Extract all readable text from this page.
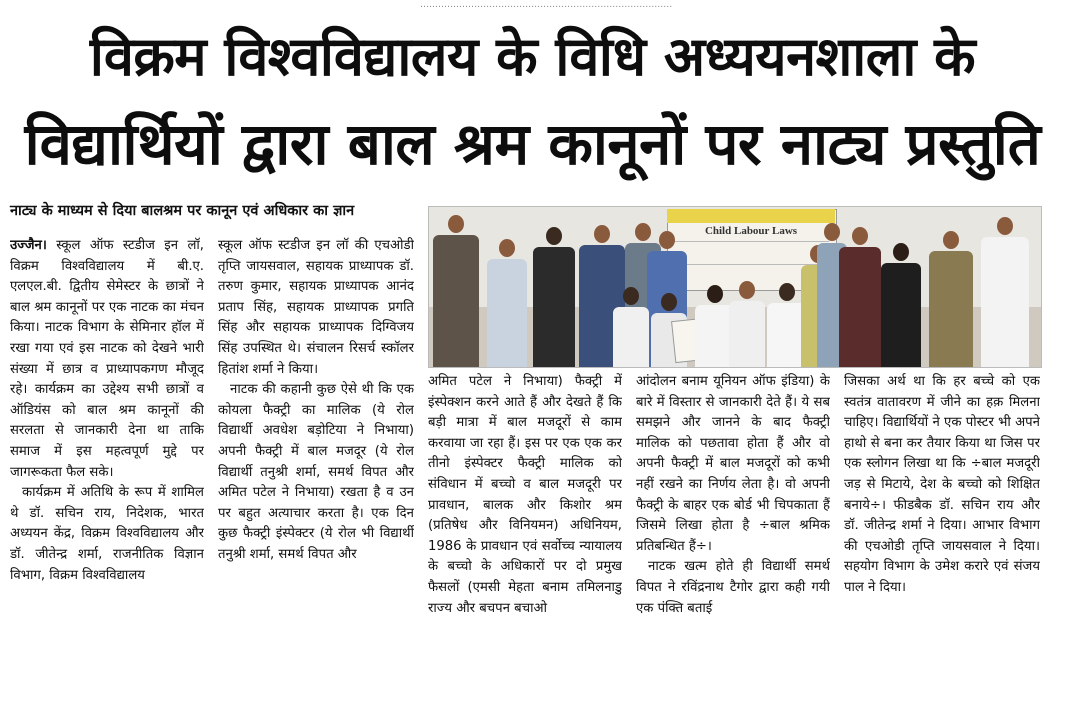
‥‥‥‥‥‥‥‥‥‥‥‥‥‥‥‥‥‥‥‥‥‥‥‥‥‥‥‥‥‥‥‥‥‥‥‥‥‥‥‥‥‥
विक्रम विश्वविद्यालय के विधि अध्ययनशाला के
विद्यार्थियों द्वारा बाल श्रम कानूनों पर नाट्य प्रस्तुति
नाट्य के माध्यम से दिया बालश्रम पर कानून एवं अधिकार का ज्ञान

उज्जैन। स्कूल ऑफ स्टडीज इन लॉ, विक्रम विश्वविद्यालय में बी.ए. एलएल.बी. द्वितीय सेमेस्टर के छात्रों ने बाल श्रम कानूनों पर एक नाटक का मंचन किया। नाटक विभाग के सेमिनार हॉल में रखा गया एवं इस नाटक को देखने भारी संख्या में छात्र व प्राध्यापकगण मौजूद रहे। कार्यक्रम का उद्देश्य सभी छात्रों व ऑडियंस को बाल श्रम कानूनों की सरलता से जानकारी देना था ताकि समाज में इस महत्वपूर्ण मुद्दे पर जागरूकता फैल सके।

कार्यक्रम में अतिथि के रूप में शामिल थे डॉ. सचिन राय, निदेशक, भारत अध्ययन केंद्र, विक्रम विश्वविद्यालय और डॉ. जीतेन्द्र शर्मा, राजनीतिक विज्ञान विभाग, विक्रम विश्वविद्यालय

स्कूल ऑफ स्टडीज इन लॉ की एचओडी तृप्ति जायसवाल, सहायक प्राध्यापक डॉ. तरुण कुमार, सहायक प्राध्यापक आनंद प्रताप सिंह, सहायक प्राध्यापक प्रगति सिंह और सहायक प्राध्यापक दिग्विजय सिंह उपस्थित थे। संचालन रिसर्च स्कॉलर हितांश शर्मा ने किया।

नाटक की कहानी कुछ ऐसे थी कि एक कोयला फैक्ट्री का मालिक (ये रोल विद्यार्थी अवधेश बड़ोटिया ने निभाया) अपनी फैक्ट्री में बाल मजदूर (ये रोल विद्यार्थी तनुश्री शर्मा, समर्थ विपत और अमित पटेल ने निभाया) रखता है व उन पर बहुत अत्याचार करता है। एक दिन कुछ फैक्ट्री इंस्पेक्टर (ये रोल भी विद्यार्थी तनुश्री शर्मा, समर्थ विपत और

Child Labour Laws

अमित पटेल ने निभाया) फैक्ट्री में इंस्पेक्शन करने आते हैं और देखते हैं कि बड़ी मात्रा में बाल मजदूरों से काम करवाया जा रहा हैं। इस पर एक एक कर तीनो इंस्पेक्टर फैक्ट्री मालिक को संविधान में बच्चो व बाल मजदूरी पर प्रावधान, बालक और किशोर श्रम (प्रतिषेध और विनियमन) अधिनियम, 1986 के प्रावधान एवं सर्वोच्च न्यायालय के बच्चो के अधिकारों पर दो प्रमुख फैसलों (एमसी मेहता बनाम तमिलनाडु राज्य और बचपन बचाओ

आंदोलन बनाम यूनियन ऑफ इंडिया) के बारे में विस्तार से जानकारी देते हैं। ये सब समझने और जानने के बाद फैक्ट्री मालिक को पछतावा होता हैं और वो अपनी फैक्ट्री में बाल मजदूरों को कभी नहीं रखने का निर्णय लेता है। वो अपनी फैक्ट्री के बाहर एक बोर्ड भी चिपकाता हैं जिसमे लिखा होता है ÷बाल श्रमिक प्रतिबन्धित हैं÷।

नाटक खत्म होते ही विद्यार्थी समर्थ विपत ने रविंद्रनाथ टैगोर द्वारा कही गयी एक पंक्ति बताई

जिसका अर्थ था कि हर बच्चे को एक स्वतंत्र वातावरण में जीने का हक़ मिलना चाहिए। विद्यार्थियों ने एक पोस्टर भी अपने हाथो से बना कर तैयार किया था जिस पर एक स्लोगन लिखा था कि ÷बाल मजदूरी जड़ से मिटाये, देश के बच्चो को शिक्षित बनाये÷। फीडबैक डॉ. सचिन राय और डॉ. जीतेन्द्र शर्मा ने दिया। आभार विभाग की एचओडी तृप्ति जायसवाल ने दिया। सहयोग विभाग के उमेश करारे एवं संजय पाल ने दिया।
